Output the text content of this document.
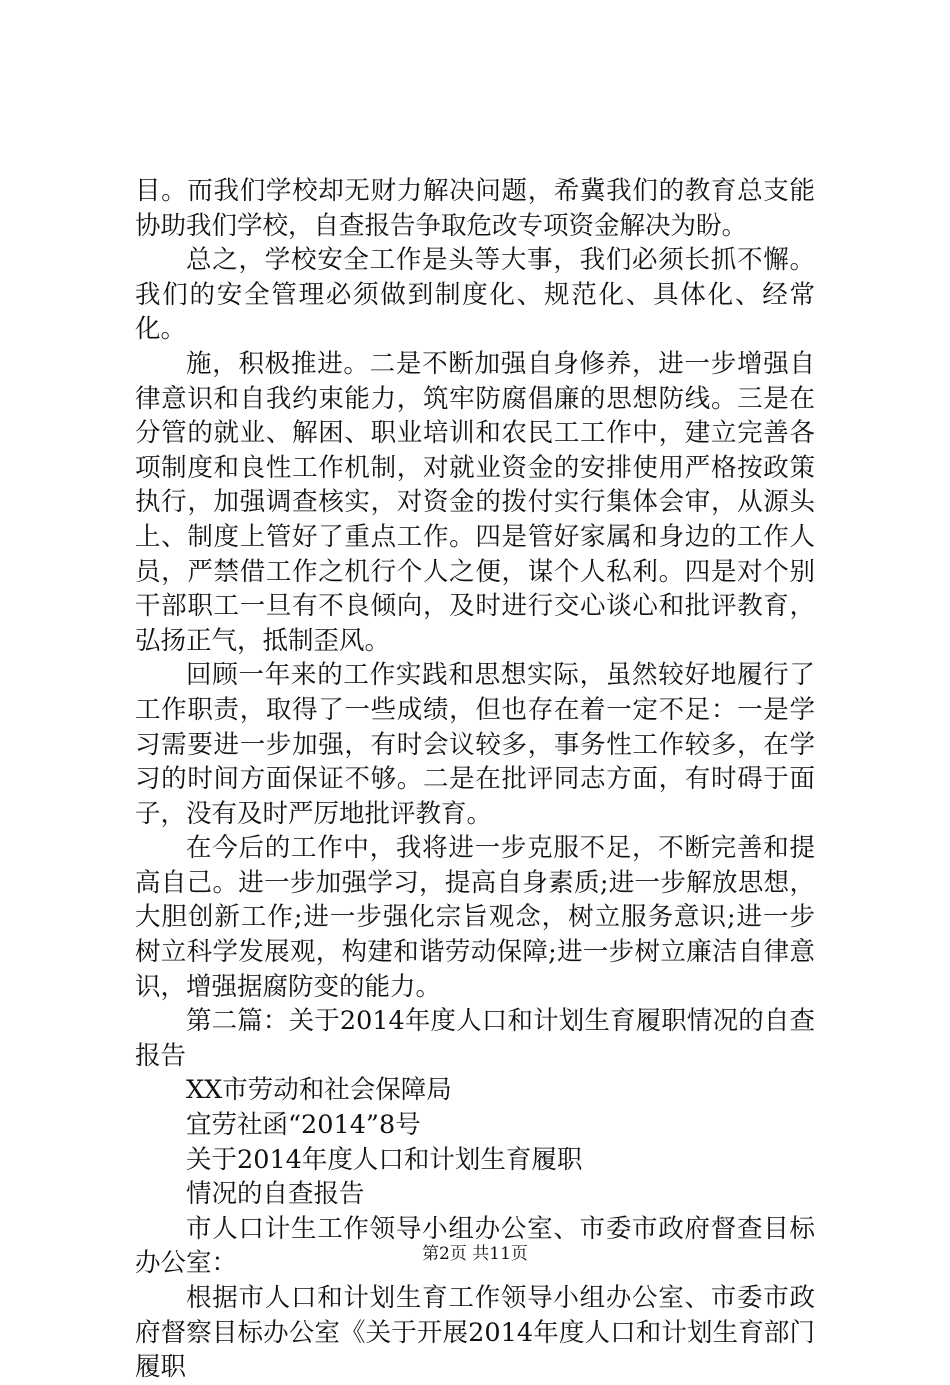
目。而我们学校却无财力解决问题，希冀我们的教育总支能协助我们学校，自查报告争取危改专项资金解决为盼。

总之，学校安全工作是头等大事，我们必须长抓不懈。我们的安全管理必须做到制度化、规范化、具体化、经常化。

施，积极推进。二是不断加强自身修养，进一步增强自律意识和自我约束能力，筑牢防腐倡廉的思想防线。三是在分管的就业、解困、职业培训和农民工工作中，建立完善各项制度和良性工作机制，对就业资金的安排使用严格按政策执行，加强调查核实，对资金的拨付实行集体会审，从源头上、制度上管好了重点工作。四是管好家属和身边的工作人员，严禁借工作之机行个人之便，谋个人私利。四是对个别干部职工一旦有不良倾向，及时进行交心谈心和批评教育，弘扬正气，抵制歪风。

回顾一年来的工作实践和思想实际，虽然较好地履行了工作职责，取得了一些成绩，但也存在着一定不足：一是学习需要进一步加强，有时会议较多，事务性工作较多，在学习的时间方面保证不够。二是在批评同志方面，有时碍于面子，没有及时严厉地批评教育。

在今后的工作中，我将进一步克服不足，不断完善和提高自己。进一步加强学习，提高自身素质;进一步解放思想，大胆创新工作;进一步强化宗旨观念，树立服务意识;进一步树立科学发展观，构建和谐劳动保障;进一步树立廉洁自律意识，增强据腐防变的能力。

第二篇：关于2014年度人口和计划生育履职情况的自查报告

XX市劳动和社会保障局

宜劳社函“2014”8号

关于2014年度人口和计划生育履职

情况的自查报告

市人口计生工作领导小组办公室、市委市政府督查目标办公室：

根据市人口和计划生育工作领导小组办公室、市委市政府督察目标办公室《关于开展2014年度人口和计划生育部门履职

第2页 共11页
